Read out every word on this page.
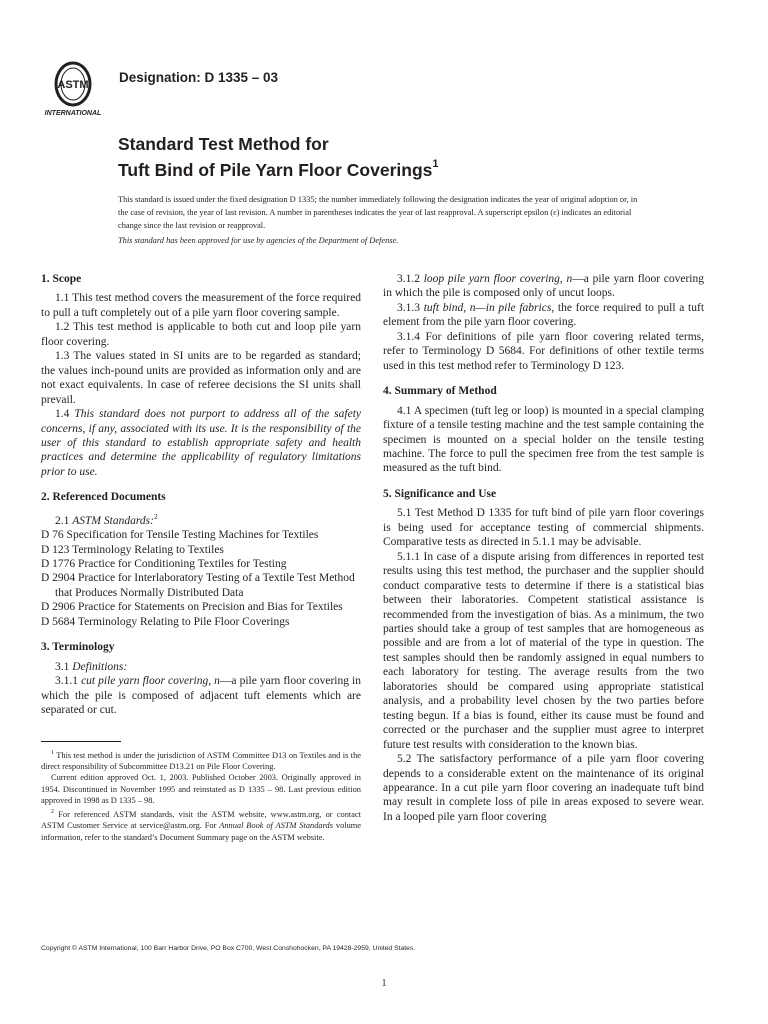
ASTM
INTERNATIONAL
Designation: D 1335 – 03
Standard Test Method for
Tuft Bind of Pile Yarn Floor Coverings$^1$

This standard is issued under the fixed designation D 1335; the number immediately following the designation indicates the year of original adoption or, in the case of revision, the year of last revision. A number in parentheses indicates the year of last reapproval. A superscript epsilon (ε) indicates an editorial change since the last revision or reapproval.

This standard has been approved for use by agencies of the Department of Defense.

1. Scope

1.1 This test method covers the measurement of the force required to pull a tuft completely out of a pile yarn floor covering sample.

1.2 This test method is applicable to both cut and loop pile yarn floor covering.

1.3 The values stated in SI units are to be regarded as standard; the values inch-pound units are provided as information only and are not exact equivalents. In case of referee decisions the SI units shall prevail.

1.4 This standard does not purport to address all of the safety concerns, if any, associated with its use. It is the responsibility of the user of this standard to establish appropriate safety and health practices and determine the applicability of regulatory limitations prior to use.

2. Referenced Documents

2.1 ASTM Standards:$^2$

D 76 Specification for Tensile Testing Machines for Textiles

D 123 Terminology Relating to Textiles

D 1776 Practice for Conditioning Textiles for Testing

D 2904 Practice for Interlaboratory Testing of a Textile Test Method that Produces Normally Distributed Data

D 2906 Practice for Statements on Precision and Bias for Textiles

D 5684 Terminology Relating to Pile Floor Coverings

3. Terminology

3.1 Definitions:

3.1.1 cut pile yarn floor covering, n—a pile yarn floor covering in which the pile is composed of adjacent tuft elements which are separated or cut.

$^1$ This test method is under the jurisdiction of ASTM Committee D13 on Textiles and is the direct responsibility of Subcommittee D13.21 on Pile Floor Covering.

Current edition approved Oct. 1, 2003. Published October 2003. Originally approved in 1954. Discontinued in November 1995 and reinstated as D 1335 – 98. Last previous edition approved in 1998 as D 1335 – 98.

$^2$ For referenced ASTM standards, visit the ASTM website, www.astm.org, or contact ASTM Customer Service at service@astm.org. For Annual Book of ASTM Standards volume information, refer to the standard’s Document Summary page on the ASTM website.

3.1.2 loop pile yarn floor covering, n—a pile yarn floor covering in which the pile is composed only of uncut loops.

3.1.3 tuft bind, n—in pile fabrics, the force required to pull a tuft element from the pile yarn floor covering.

3.1.4 For definitions of pile yarn floor covering related terms, refer to Terminology D 5684. For definitions of other textile terms used in this test method refer to Terminology D 123.

4. Summary of Method

4.1 A specimen (tuft leg or loop) is mounted in a special clamping fixture of a tensile testing machine and the test sample containing the specimen is mounted on a special holder on the tensile testing machine. The force to pull the specimen free from the test sample is measured as the tuft bind.

5. Significance and Use

5.1 Test Method D 1335 for tuft bind of pile yarn floor coverings is being used for acceptance testing of commercial shipments. Comparative tests as directed in 5.1.1 may be advisable.

5.1.1 In case of a dispute arising from differences in reported test results using this test method, the purchaser and the supplier should conduct comparative tests to determine if there is a statistical bias between their laboratories. Competent statistical assistance is recommended from the investigation of bias. As a minimum, the two parties should take a group of test samples that are homogeneous as possible and are from a lot of material of the type in question. The test samples should then be randomly assigned in equal numbers to each laboratory for testing. The average results from the two laboratories should be compared using appropriate statistical analysis, and a probability level chosen by the two parties before testing begun. If a bias is found, either its cause must be found and corrected or the purchaser and the supplier must agree to interpret future test results with consideration to the known bias.

5.2 The satisfactory performance of a pile yarn floor covering depends to a considerable extent on the maintenance of its original appearance. In a cut pile yarn floor covering an inadequate tuft bind may result in complete loss of pile in areas exposed to severe wear. In a looped pile yarn floor covering

Copyright © ASTM International, 100 Barr Harbor Drive, PO Box C700, West Conshohocken, PA 19428-2959, United States.
1
